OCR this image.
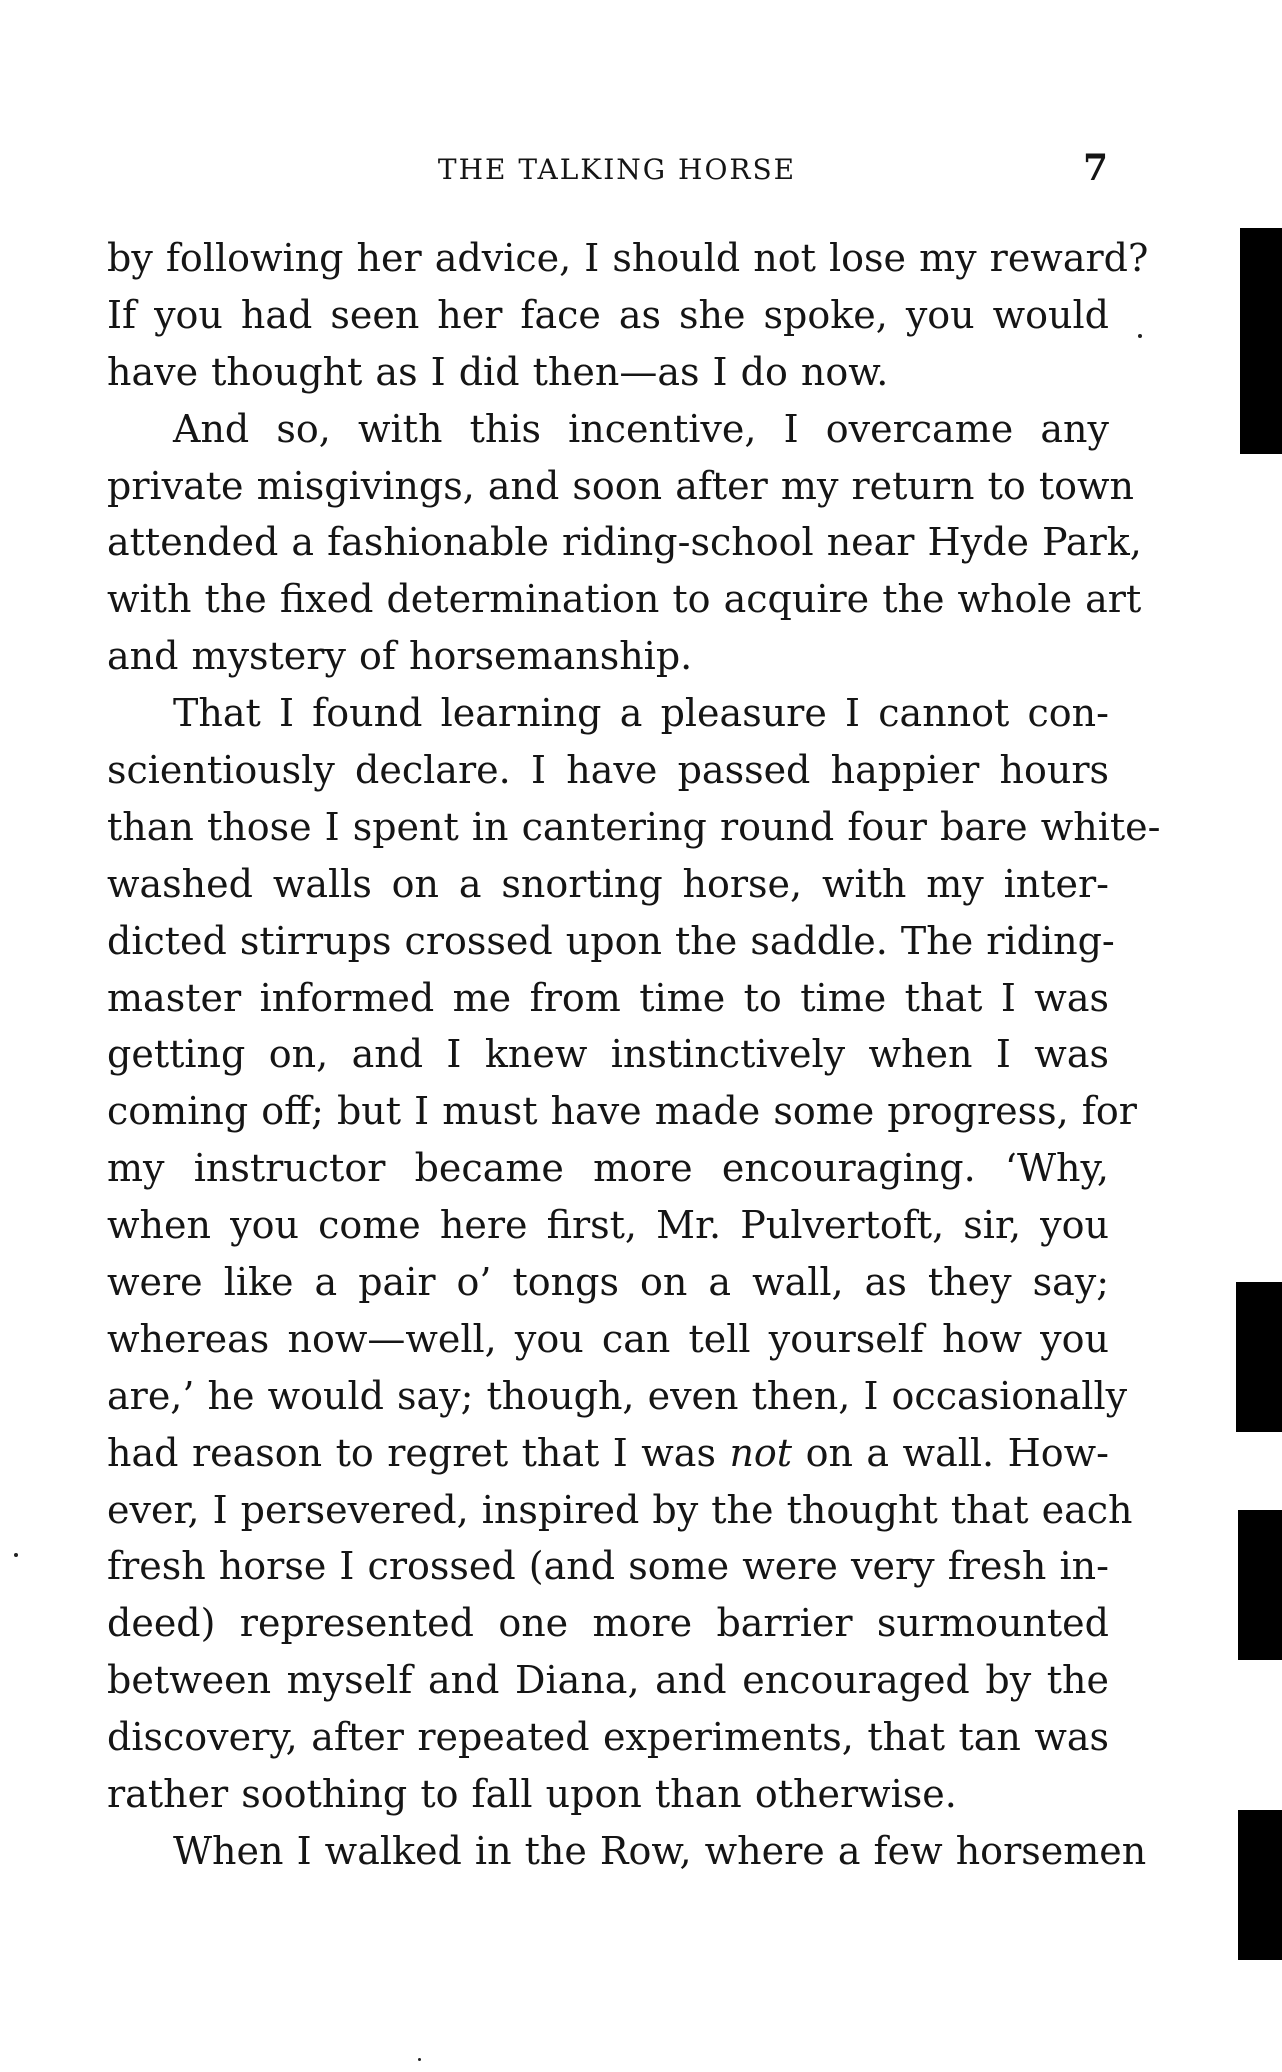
THE TALKING HORSE	7
by following her advice, I should not lose my reward?
If you had seen her face as she spoke, you would
have thought as I did then—as I do now.
And so, with this incentive, I overcame any
private misgivings, and soon after my return to town
attended a fashionable riding-school near Hyde Park,
with the fixed determination to acquire the whole art
and mystery of horsemanship.
That I found learning a pleasure I cannot con-
scientiously declare. I have passed happier hours
than those I spent in cantering round four bare white-
washed walls on a snorting horse, with my inter-
dicted stirrups crossed upon the saddle. The riding-
master informed me from time to time that I was
getting on, and I knew instinctively when I was
coming off; but I must have made some progress, for
my instructor became more encouraging. ‘Why,
when you come here first, Mr. Pulvertoft, sir, you
were like a pair o’ tongs on a wall, as they say;
whereas now—well, you can tell yourself how you
are,’ he would say; though, even then, I occasionally
had reason to regret that I was not on a wall. How-
ever, I persevered, inspired by the thought that each
fresh horse I crossed (and some were very fresh in-
deed) represented one more barrier surmounted
between myself and Diana, and encouraged by the
discovery, after repeated experiments, that tan was
rather soothing to fall upon than otherwise.
When I walked in the Row, where a few horsemen
